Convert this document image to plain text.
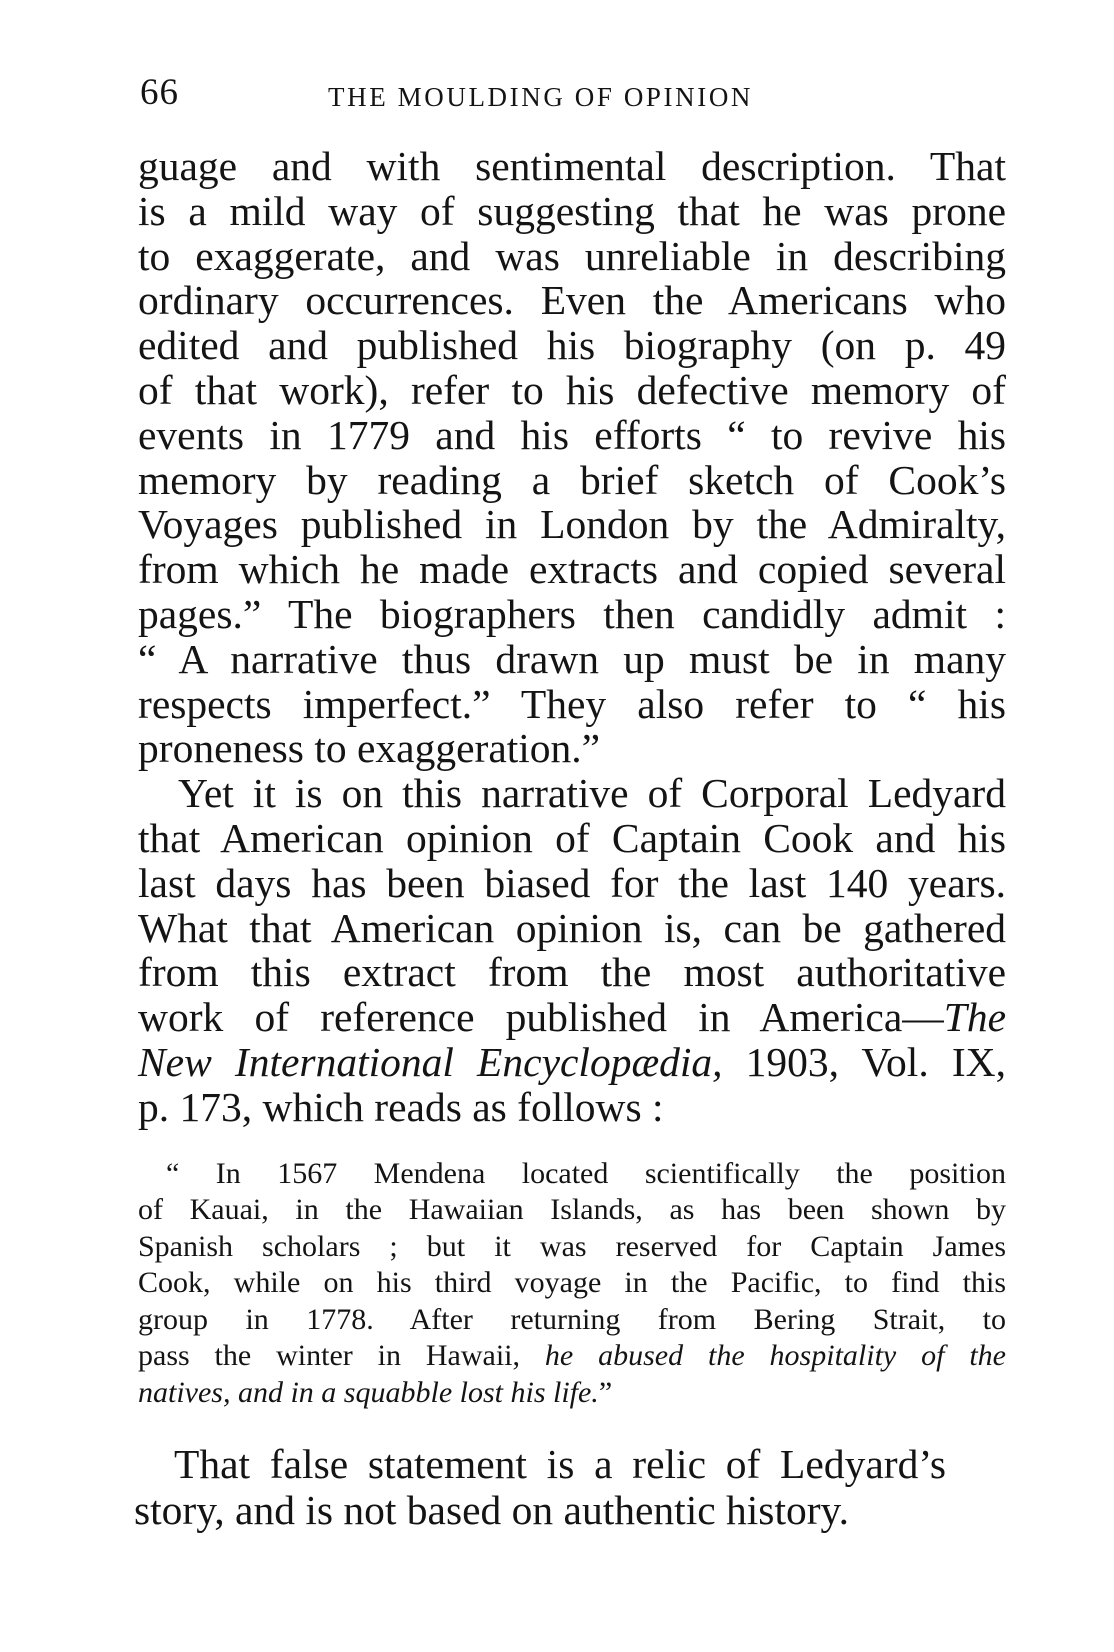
66	THE MOULDING OF OPINION
guage and with sentimental description. That
is a mild way of suggesting that he was prone
to exaggerate, and was unreliable in describing
ordinary occurrences. Even the Americans who
edited and published his biography (on p. 49
of that work), refer to his defective memory of
events in 1779 and his efforts “ to revive his
memory by reading a brief sketch of Cook’s
Voyages published in London by the Admiralty,
from which he made extracts and copied several
pages.” The biographers then candidly admit :
“ A narrative thus drawn up must be in many
respects imperfect.” They also refer to “ his
proneness to exaggeration.”
Yet it is on this narrative of Corporal Ledyard
that American opinion of Captain Cook and his
last days has been biased for the last 140 years.
What that American opinion is, can be gathered
from this extract from the most authoritative
work of reference published in America—The
New International Encyclopædia, 1903, Vol. IX,
p. 173, which reads as follows :
“ In 1567 Mendena located scientifically the position
of Kauai, in the Hawaiian Islands, as has been shown by
Spanish scholars ; but it was reserved for Captain James
Cook, while on his third voyage in the Pacific, to find this
group in 1778. After returning from Bering Strait, to
pass the winter in Hawaii, he abused the hospitality of the
natives, and in a squabble lost his life.”
That false statement is a relic of Ledyard’s
story, and is not based on authentic history.
